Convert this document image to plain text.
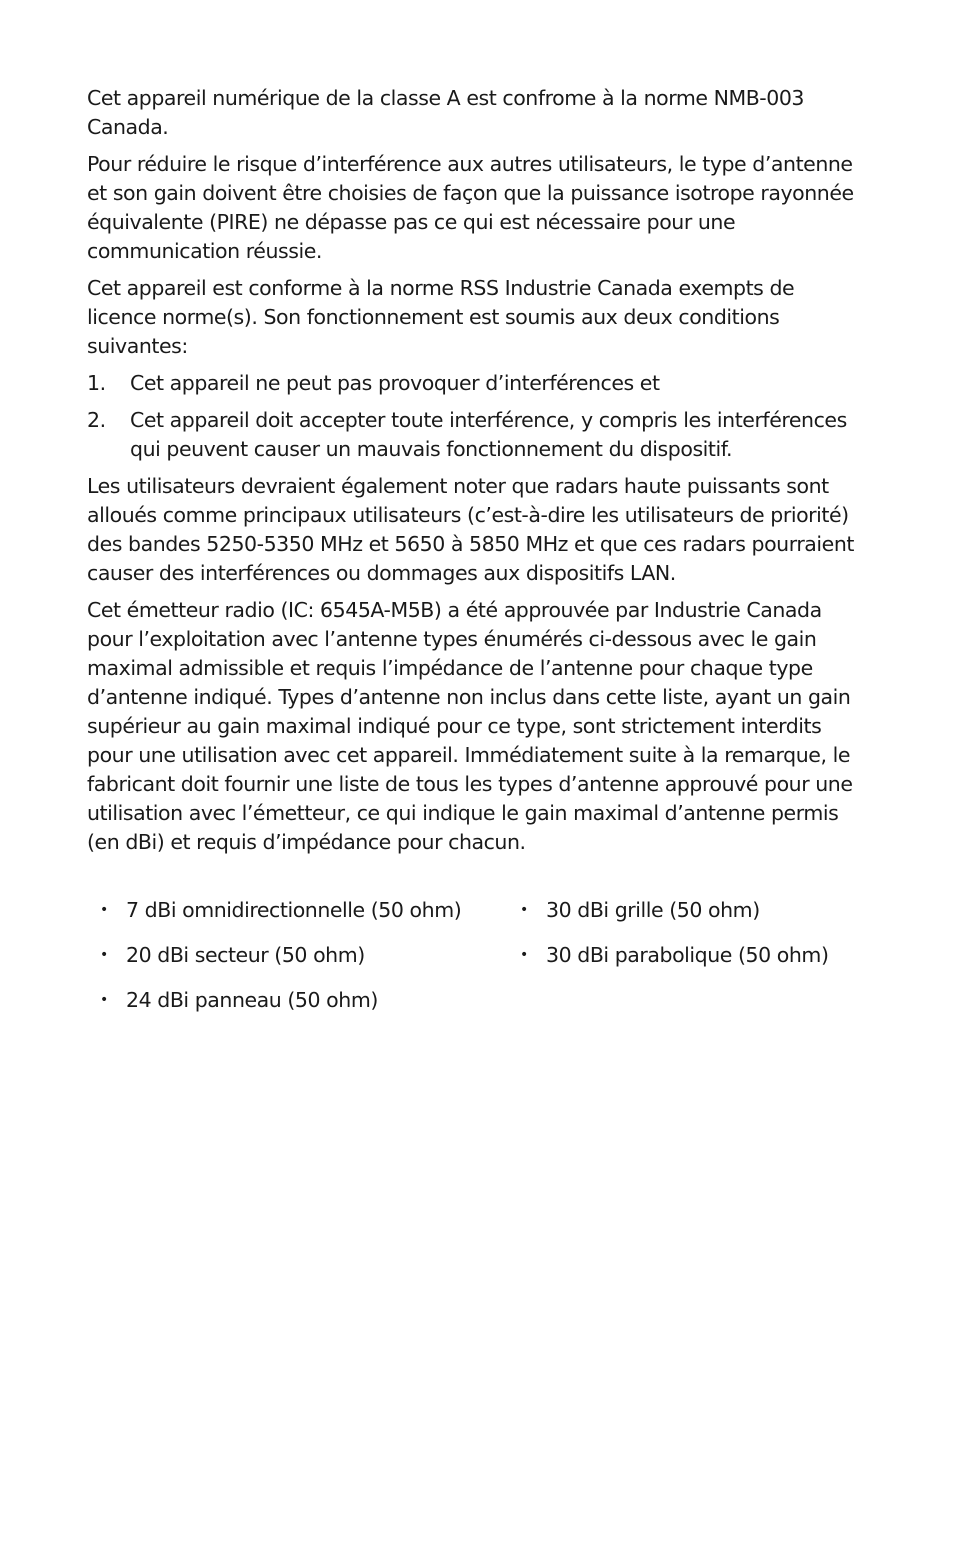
Cet appareil numérique de la classe A est confrome à la norme NMB-003 Canada.

Pour réduire le risque d’interférence aux autres utilisateurs, le type d’antenne et son gain doivent être choisies de façon que la puissance isotrope rayonnée équivalente (PIRE) ne dépasse pas ce qui est nécessaire pour une communication réussie.

Cet appareil est conforme à la norme RSS Industrie Canada exempts de licence norme(s). Son fonctionnement est soumis aux deux conditions suivantes:

1. Cet appareil ne peut pas provoquer d’interférences et
2. Cet appareil doit accepter toute interférence, y compris les interférences qui peuvent causer un mauvais fonctionnement du dispositif.

Les utilisateurs devraient également noter que radars haute puissants sont alloués comme principaux utilisateurs (c’est-à-dire les utilisateurs de priorité) des bandes 5250-5350 MHz et 5650 à 5850 MHz et que ces radars pourraient causer des interférences ou dommages aux dispositifs LAN.

Cet émetteur radio (IC: 6545A-M5B) a été approuvée par Industrie Canada pour l’exploitation avec l’antenne types énumérés ci-dessous avec le gain maximal admissible et requis l’impédance de l’antenne pour chaque type d’antenne indiqué. Types d’antenne non inclus dans cette liste, ayant un gain supérieur au gain maximal indiqué pour ce type, sont strictement interdits pour une utilisation avec cet appareil. Immédiatement suite à la remarque, le fabricant doit fournir une liste de tous les types d’antenne approuvé pour une utilisation avec l’émetteur, ce qui indique le gain maximal d’antenne permis (en dBi) et requis d’impédance pour chacun.

• 7 dBi omnidirectionnelle (50 ohm)	• 30 dBi grille (50 ohm)
• 20 dBi secteur (50 ohm)	• 30 dBi parabolique (50 ohm)
• 24 dBi panneau (50 ohm)
